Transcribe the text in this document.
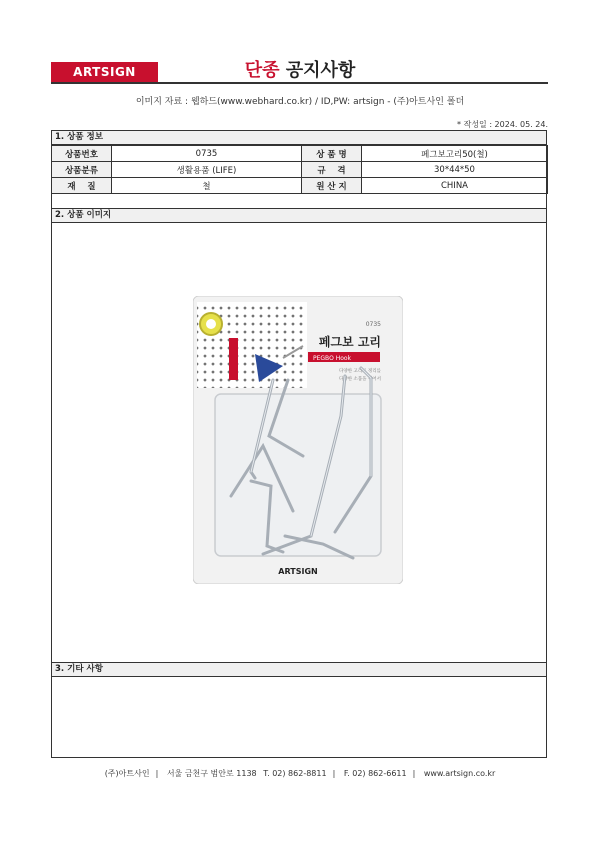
ARTSIGN	단종 공지사항
이미지 자료 : 웹하드(www.webhard.co.kr) / ID,PW: artsign - (주)아트사인 폴더
* 작성일 : 2024. 05. 24.
1. 상품 정보
상품번호	0735	상 품 명	페그보고리50(철)
상품분류	생활용품 (LIFE)	규    격	30*44*50
재    질	철	원 산 지	CHINA
2. 상품 이미지
0735
페그보 고리
PEGBO Hook
다양한 고리로 정리를
다양한 소품을 걸어서
ARTSIGN
3. 기타 사항
(주)아트사인 | 서울 금천구 범안로 1138 T. 02) 862-8811 | F. 02) 862-6611 | www.artsign.co.kr
